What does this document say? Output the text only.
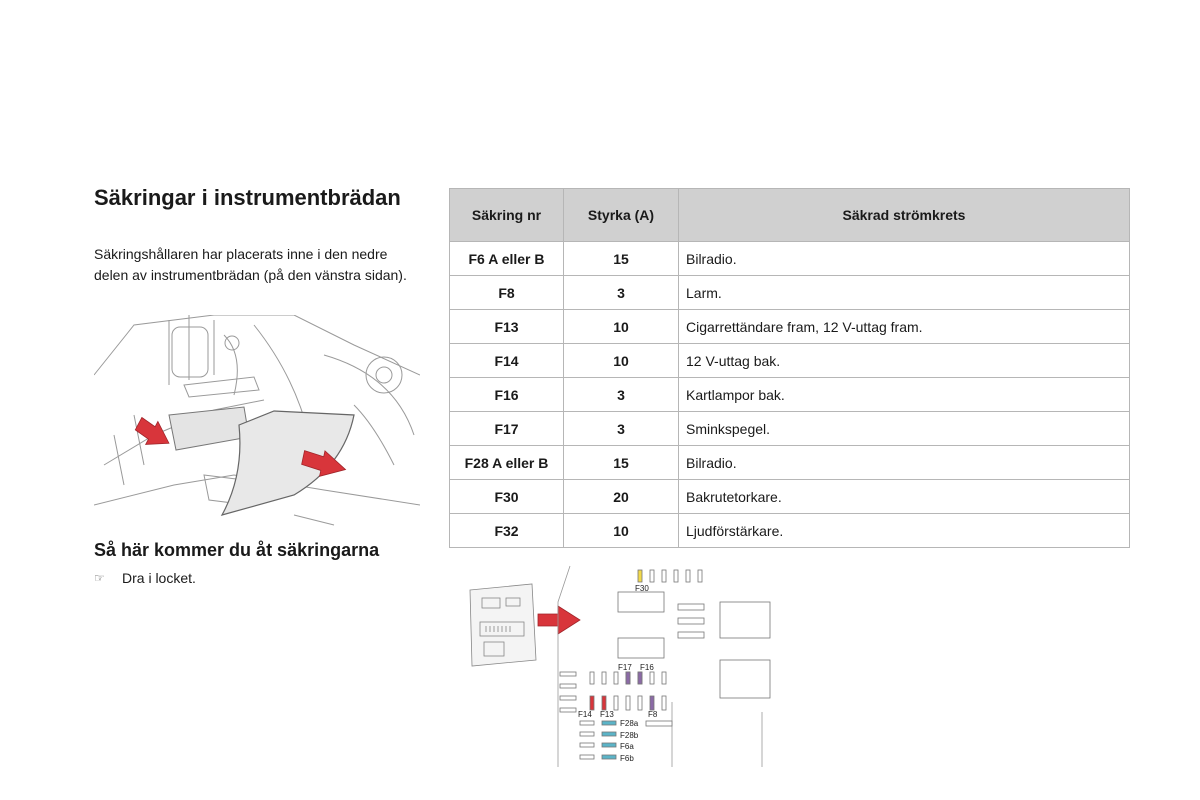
Säkringar i instrumentbrädan

Säkringshållaren har placerats inne i den nedre delen av instrumentbrädan (på den vänstra sidan).

Så här kommer du åt säkringarna
☞	Dra i locket.
Säkring nr	Styrka (A)	Säkrad strömkrets
F6 A eller B	15	Bilradio.
F8	3	Larm.
F13	10	Cigarrettändare fram, 12 V-uttag fram.
F14	10	12 V-uttag bak.
F16	3	Kartlampor bak.
F17	3	Sminkspegel.
F28 A eller B	15	Bilradio.
F30	20	Bakrutetorkare.
F32	10	Ljudförstärkare.
F30
F17 F16
F14 F13	F8
F28a
F28b
F6a
F6b
